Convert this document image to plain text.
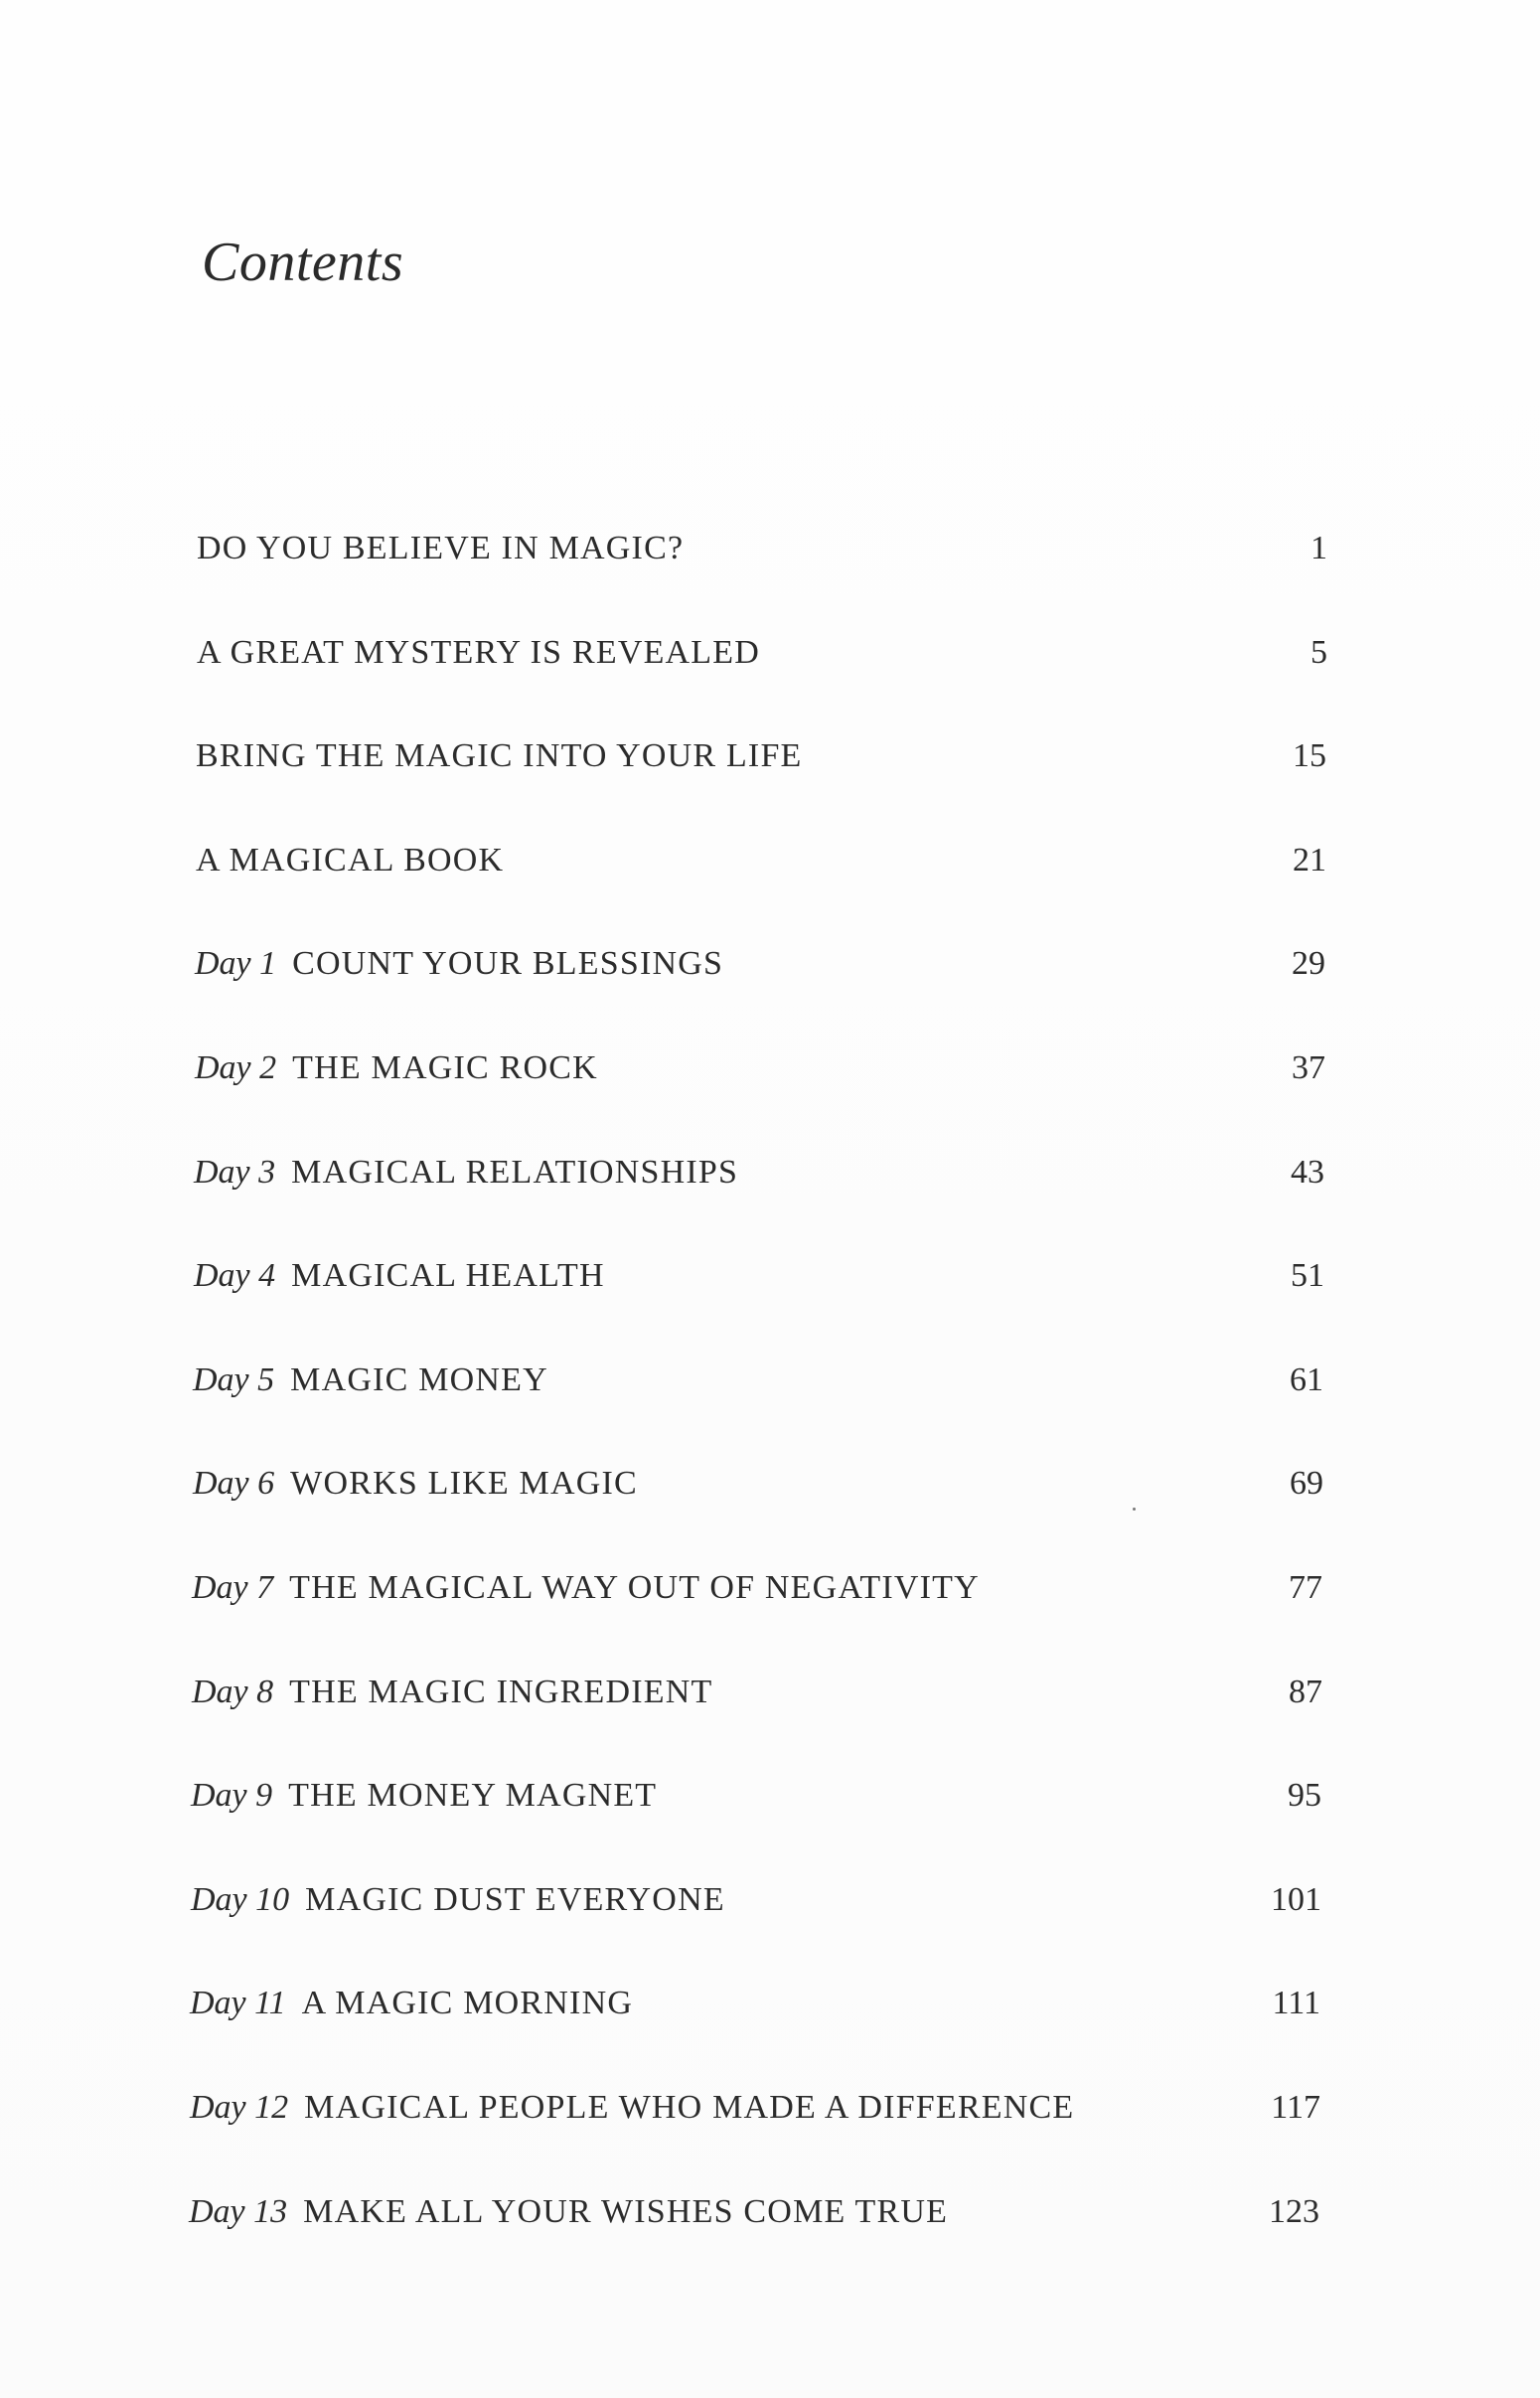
Contents
DO YOU BELIEVE IN MAGIC?	1
A GREAT MYSTERY IS REVEALED	5
BRING THE MAGIC INTO YOUR LIFE	15
A MAGICAL BOOK	21
Day 1 COUNT YOUR BLESSINGS	29
Day 2 THE MAGIC ROCK	37
Day 3 MAGICAL RELATIONSHIPS	43
Day 4 MAGICAL HEALTH	51
Day 5 MAGIC MONEY	61
Day 6 WORKS LIKE MAGIC	69
Day 7 THE MAGICAL WAY OUT OF NEGATIVITY	77
Day 8 THE MAGIC INGREDIENT	87
Day 9 THE MONEY MAGNET	95
Day 10 MAGIC DUST EVERYONE	101
Day 11 A MAGIC MORNING	111
Day 12 MAGICAL PEOPLE WHO MADE A DIFFERENCE	117
Day 13 MAKE ALL YOUR WISHES COME TRUE	123
